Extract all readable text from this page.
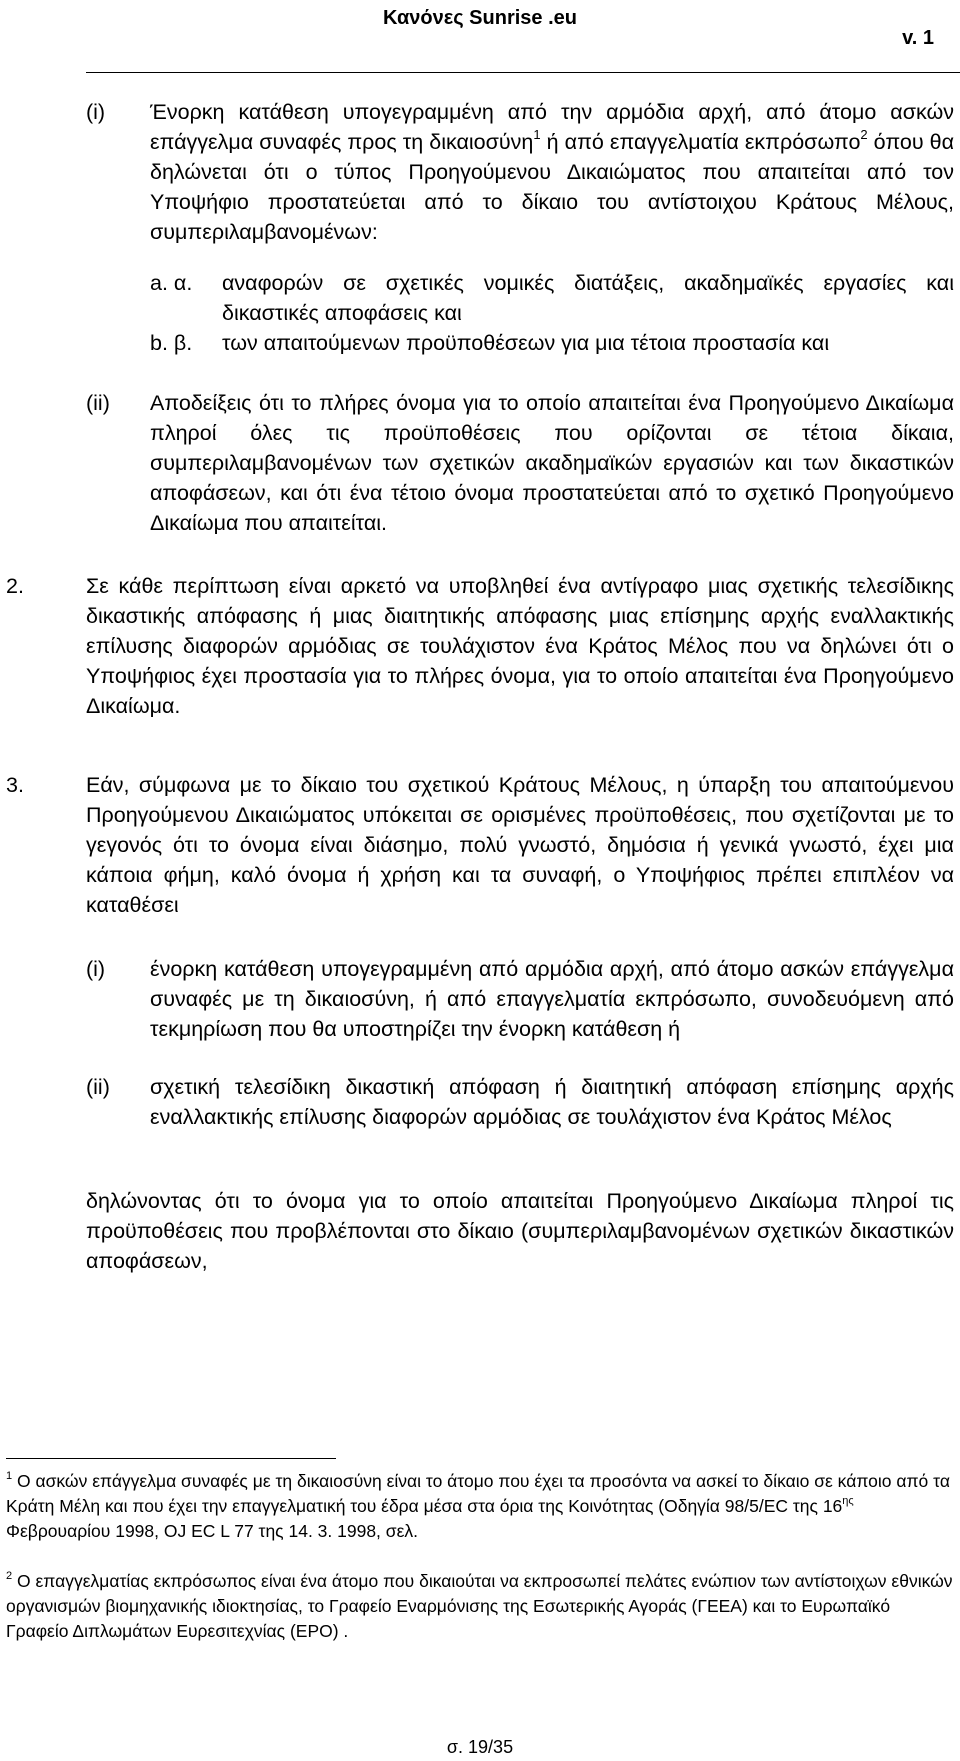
Κανόνες Sunrise .eu
v. 1
(i) Ένορκη κατάθεση υπογεγραμμένη από την αρμόδια αρχή, από άτομο ασκών επάγγελμα συναφές προς τη δικαιοσύνη$^1$ ή από επαγγελματία εκπρόσωπο$^2$ όπου θα δηλώνεται ότι ο τύπος Προηγούμενου Δικαιώματος που απαιτείται από τον Υποψήφιο προστατεύεται από το δίκαιο του αντίστοιχου Κράτους Μέλους, συμπεριλαμβανομένων:
a. α. αναφορών σε σχετικές νομικές διατάξεις, ακαδημαϊκές εργασίες και δικαστικές αποφάσεις και
b. β. των απαιτούμενων προϋποθέσεων για μια τέτοια προστασία και
(ii) Αποδείξεις ότι το πλήρες όνομα για το οποίο απαιτείται ένα Προηγούμενο Δικαίωμα πληροί όλες τις προϋποθέσεις που ορίζονται σε τέτοια δίκαια, συμπεριλαμβανομένων των σχετικών ακαδημαϊκών εργασιών και των δικαστικών αποφάσεων, και ότι ένα τέτοιο όνομα προστατεύεται από το σχετικό Προηγούμενο Δικαίωμα που απαιτείται.
2.	Σε κάθε περίπτωση είναι αρκετό να υποβληθεί ένα αντίγραφο μιας σχετικής τελεσίδικης δικαστικής απόφασης ή μιας διαιτητικής απόφασης μιας επίσημης αρχής εναλλακτικής επίλυσης διαφορών αρμόδιας σε τουλάχιστον ένα Κράτος Μέλος που να δηλώνει ότι ο Υποψήφιος έχει προστασία για το πλήρες όνομα, για το οποίο απαιτείται ένα Προηγούμενο Δικαίωμα.
3.	Εάν, σύμφωνα με το δίκαιο του σχετικού Κράτους Μέλους, η ύπαρξη του απαιτούμενου Προηγούμενου Δικαιώματος υπόκειται σε ορισμένες προϋποθέσεις, που σχετίζονται με το γεγονός ότι το όνομα είναι διάσημο, πολύ γνωστό, δημόσια ή γενικά γνωστό, έχει μια κάποια φήμη, καλό όνομα ή χρήση και τα συναφή, ο Υποψήφιος πρέπει επιπλέον να καταθέσει
(i) ένορκη κατάθεση υπογεγραμμένη από αρμόδια αρχή, από άτομο ασκών επάγγελμα συναφές με τη δικαιοσύνη, ή από επαγγελματία εκπρόσωπο, συνοδευόμενη από τεκμηρίωση που θα υποστηρίζει την ένορκη κατάθεση ή
(ii) σχετική τελεσίδικη δικαστική απόφαση ή διαιτητική απόφαση επίσημης αρχής εναλλακτικής επίλυσης διαφορών αρμόδιας σε τουλάχιστον ένα Κράτος Μέλος
δηλώνοντας ότι το όνομα για το οποίο απαιτείται Προηγούμενο Δικαίωμα πληροί τις προϋποθέσεις που προβλέπονται στο δίκαιο (συμπεριλαμβανομένων σχετικών δικαστικών αποφάσεων,
$^1$ Ο ασκών επάγγελμα συναφές με τη δικαιοσύνη είναι το άτομο που έχει τα προσόντα να ασκεί το δίκαιο σε κάποιο από τα Κράτη Μέλη και που έχει την επαγγελματική του έδρα μέσα στα όρια της Κοινότητας (Οδηγία 98/5/EC της $16^{\eta\varsigma}$ Φεβρουαρίου 1998, OJ EC L 77 της 14. 3. 1998, σελ.
$^2$ Ο επαγγελματίας εκπρόσωπος είναι ένα άτομο που δικαιούται να εκπροσωπεί πελάτες ενώπιον των αντίστοιχων εθνικών οργανισμών βιομηχανικής ιδιοκτησίας, το Γραφείο Εναρμόνισης της Εσωτερικής Αγοράς (ΓΕΕΑ) και το Ευρωπαϊκό Γραφείο Διπλωμάτων Ευρεσιτεχνίας (EPO) .
σ. 19/35
